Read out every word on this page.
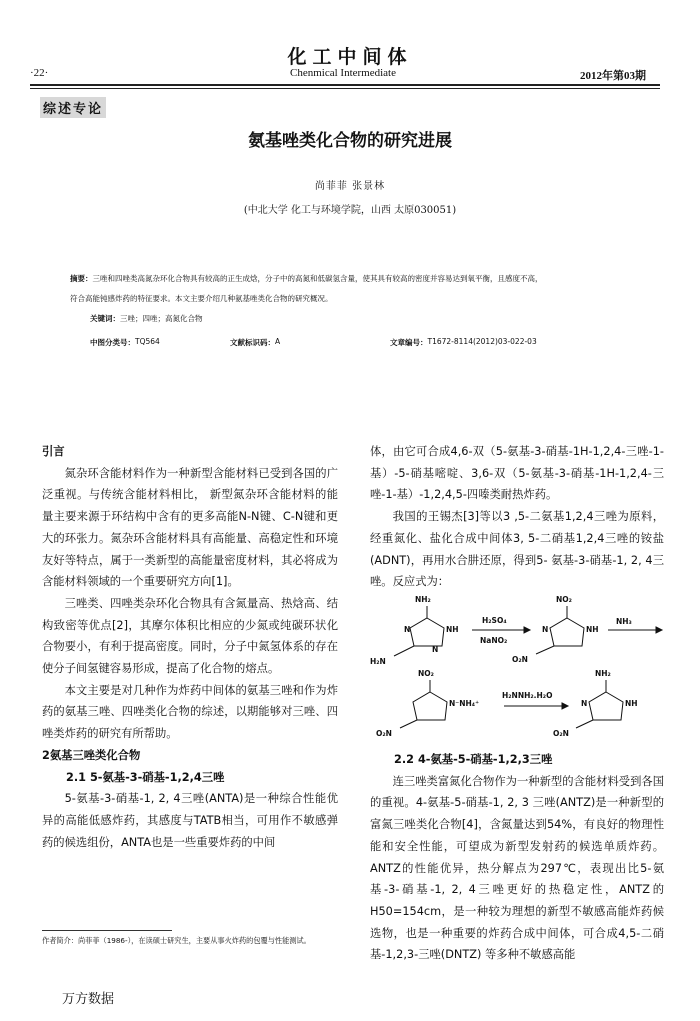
化工中间体
·22·	Chenmical Intermediate	2012年第03期
综述专论
氨基唑类化合物的研究进展
尚菲菲 张景林
(中北大学 化工与环境学院，山西 太原030051)
摘要：三唑和四唑类高氮杂环化合物具有较高的正生成焓，分子中的高氮和低碳氢含量，使其具有较高的密度并容易达到氧平衡，且感度不高，
符合高能钝感炸药的特征要求。本文主要介绍几种氨基唑类化合物的研究概况。
关键词：三唑；四唑；高氮化合物
中图分类号： TQ564	文献标识码： A	文章编号： T1672-8114(2012)03-022-03
引言

氮杂环含能材料作为一种新型含能材料已受到各国的广泛重视。与传统含能材料相比， 新型氮杂环含能材料的能量主要来源于环结构中含有的更多高能N-N键、C-N键和更大的环张力。氮杂环含能材料具有高能量、高稳定性和环境友好等特点，属于一类新型的高能量密度材料，其必将成为含能材料领域的一个重要研究方向[1]。

三唑类、四唑类杂环化合物具有含氮量高、热焓高、结构致密等优点[2]，其摩尔体积比相应的少氮或纯碳环状化合物要小，有利于提高密度。同时，分子中氮氢体系的存在使分子间氢键容易形成，提高了化合物的熔点。

本文主要是对几种作为炸药中间体的氨基三唑和作为炸药的氨基三唑、四唑类化合物的综述，以期能够对三唑、四唑类炸药的研究有所帮助。

2氨基三唑类化合物
2.1 5-氨基-3-硝基-1,2,4三唑

5-氨基-3-硝基-1, 2, 4三唑(ANTA)是一种综合性能优异的高能低感炸药，其感度与TATB相当，可用作不敏感弹药的候选组份，ANTA也是一些重要炸药的中间

体，由它可合成4,6-双（5-氨基-3-硝基-1H-1,2,4-三唑-1-基）-5-硝基嘧啶、3,6-双（5-氨基-3-硝基-1H-1,2,4-三唑-1-基）-1,2,4,5-四嗪类耐热炸药。

我国的王锡杰[3]等以3 ,5-二氨基1,2,4三唑为原料，经重氮化、盐化合成中间体3, 5-二硝基1,2,4三唑的铵盐 (ADNT)，再用水合肼还原，得到5- 氨基-3-硝基-1, 2, 4三唑。反应式为：

NH₂
NH
N
N
H₂N
H₂SO₄
NaNO₂
NO₂
NH
N
O₂N
NH₃
NO₂
N⁻NH₄⁺
O₂N
H₂NNH₂.H₂O
NH₂
NH
N
O₂N
2.2 4-氨基-5-硝基-1,2,3三唑

连三唑类富氮化合物作为一种新型的含能材料受到各国的重视。4-氨基-5-硝基-1, 2, 3 三唑(ANTZ)是一种新型的富氮三唑类化合物[4]，含氮量达到54%，有良好的物理性能和安全性能，可望成为新型发射药的候选单质炸药。ANTZ的性能优异，热分解点为297℃，表现出比5-氨基-3-硝基-1, 2, 4三唑更好的热稳定性，ANTZ的H50=154cm，是一种较为理想的新型不敏感高能炸药候选物，也是一种重要的炸药合成中间体，可合成4,5-二硝基-1,2,3-三唑(DNTZ) 等多种不敏感高能

作者简介：尚菲菲（1986-），在读硕士研究生，主要从事火炸药的包覆与性能测试。
万方数据
